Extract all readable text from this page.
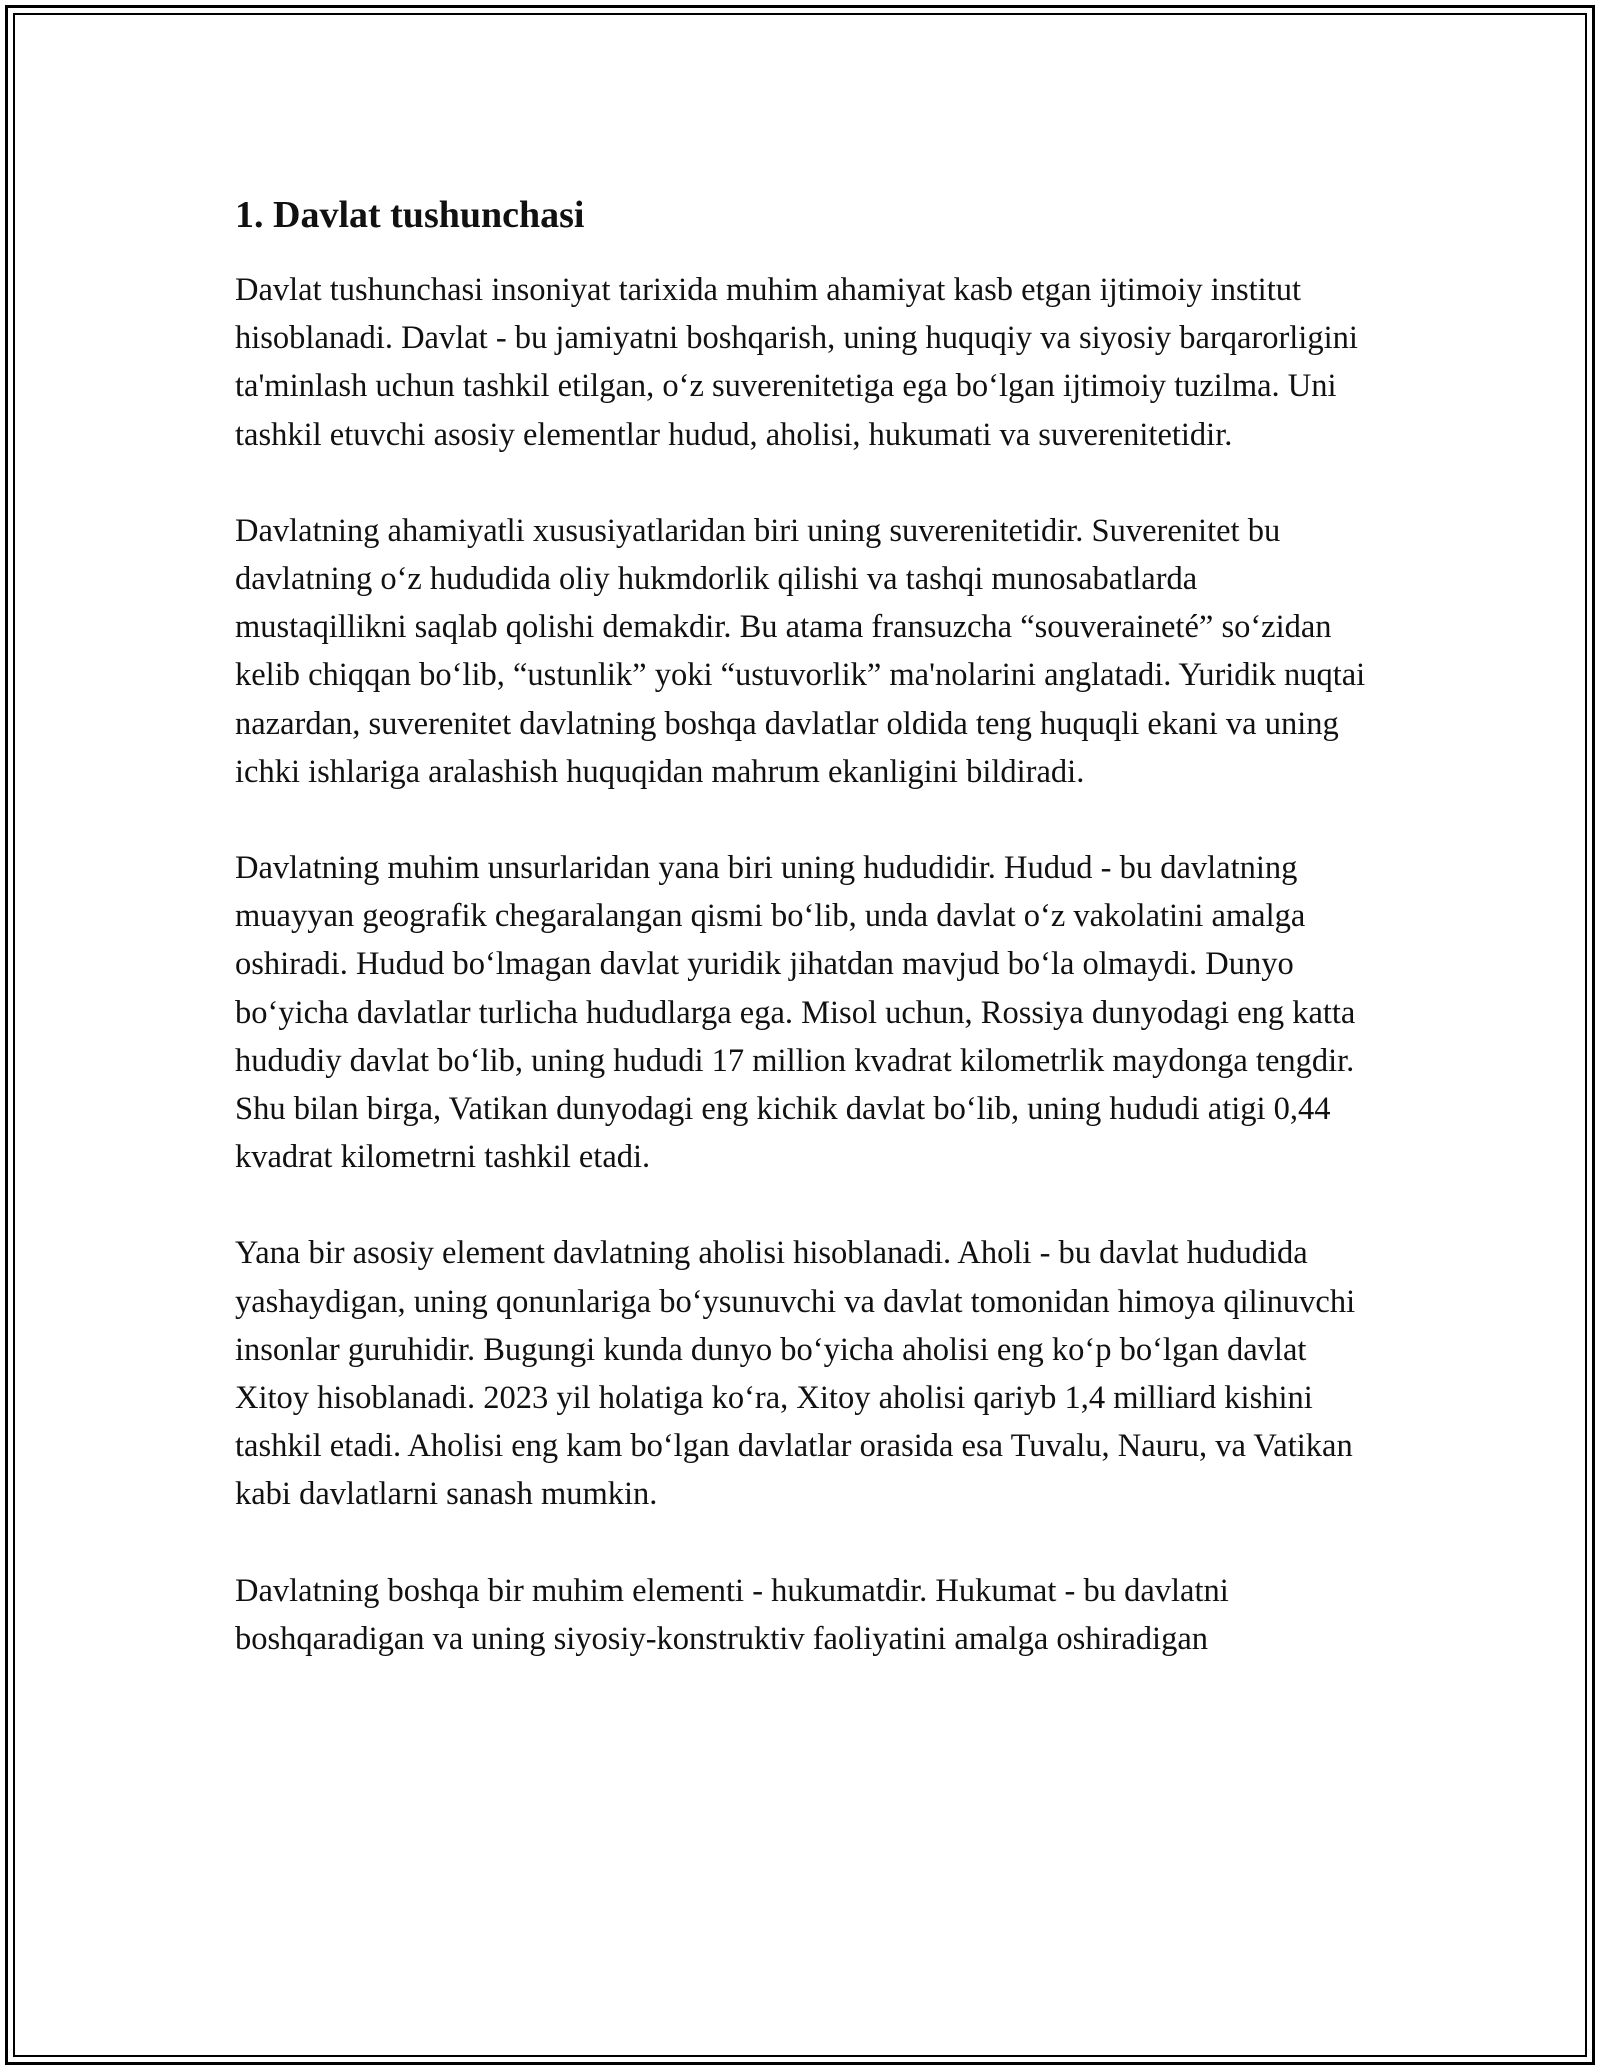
1. Davlat tushunchasi

Davlat tushunchasi insoniyat tarixida muhim ahamiyat kasb etgan ijtimoiy institut hisoblanadi. Davlat - bu jamiyatni boshqarish, uning huquqiy va siyosiy barqarorligini ta'minlash uchun tashkil etilgan, o‘z suverenitetiga ega bo‘lgan ijtimoiy tuzilma. Uni tashkil etuvchi asosiy elementlar hudud, aholisi, hukumati va suverenitetidir.

Davlatning ahamiyatli xususiyatlaridan biri uning suverenitetidir. Suverenitet bu davlatning o‘z hududida oliy hukmdorlik qilishi va tashqi munosabatlarda mustaqillikni saqlab qolishi demakdir. Bu atama fransuzcha “souveraineté” so‘zidan kelib chiqqan bo‘lib, “ustunlik” yoki “ustuvorlik” ma'nolarini anglatadi. Yuridik nuqtai nazardan, suverenitet davlatning boshqa davlatlar oldida teng huquqli ekani va uning ichki ishlariga aralashish huquqidan mahrum ekanligini bildiradi.

Davlatning muhim unsurlaridan yana biri uning hududidir. Hudud - bu davlatning muayyan geografik chegaralangan qismi bo‘lib, unda davlat o‘z vakolatini amalga oshiradi. Hudud bo‘lmagan davlat yuridik jihatdan mavjud bo‘la olmaydi. Dunyo bo‘yicha davlatlar turlicha hududlarga ega. Misol uchun, Rossiya dunyodagi eng katta hududiy davlat bo‘lib, uning hududi 17 million kvadrat kilometrlik maydonga tengdir. Shu bilan birga, Vatikan dunyodagi eng kichik davlat bo‘lib, uning hududi atigi 0,44 kvadrat kilometrni tashkil etadi.

Yana bir asosiy element davlatning aholisi hisoblanadi. Aholi - bu davlat hududida yashaydigan, uning qonunlariga bo‘ysunuvchi va davlat tomonidan himoya qilinuvchi insonlar guruhidir. Bugungi kunda dunyo bo‘yicha aholisi eng ko‘p bo‘lgan davlat Xitoy hisoblanadi. 2023 yil holatiga ko‘ra, Xitoy aholisi qariyb 1,4 milliard kishini tashkil etadi. Aholisi eng kam bo‘lgan davlatlar orasida esa Tuvalu, Nauru, va Vatikan kabi davlatlarni sanash mumkin.

Davlatning boshqa bir muhim elementi - hukumatdir. Hukumat - bu davlatni boshqaradigan va uning siyosiy-konstruktiv faoliyatini amalga oshiradigan
